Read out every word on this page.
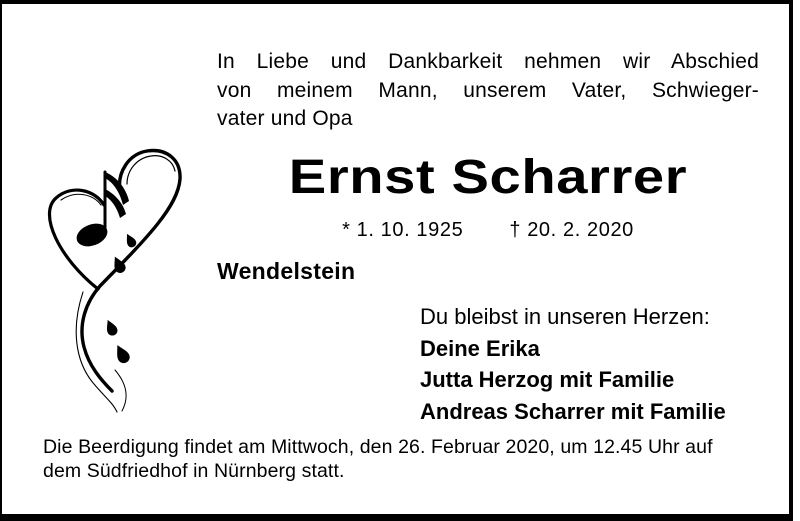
In Liebe und Dankbarkeit nehmen wir Abschied
von meinem Mann, unserem Vater, Schwieger-
vater und Opa
Ernst Scharrer
* 1. 10. 1925 † 20. 2. 2020
Wendelstein
Du bleibst in unseren Herzen:
Deine Erika
Jutta Herzog mit Familie
Andreas Scharrer mit Familie
Die Beerdigung findet am Mittwoch, den 26. Februar 2020, um 12.45 Uhr auf
dem Südfriedhof in Nürnberg statt.
